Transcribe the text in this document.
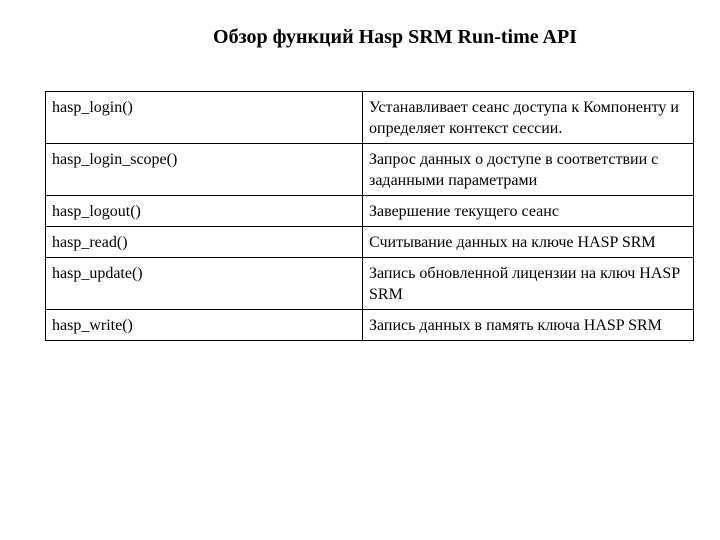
Обзор функций Hasp SRM Run-time API
hasp_login()	Устанавливает сеанс доступа к Компоненту и определяет контекст сессии.
hasp_login_scope()	Запрос данных о доступе в соответствии с заданными параметрами
hasp_logout()	Завершение текущего сеанс
hasp_read()	Считывание данных на ключе HASP SRM
hasp_update()	Запись обновленной лицензии на ключ HASP SRM
hasp_write()	Запись данных в память ключа HASP SRM
